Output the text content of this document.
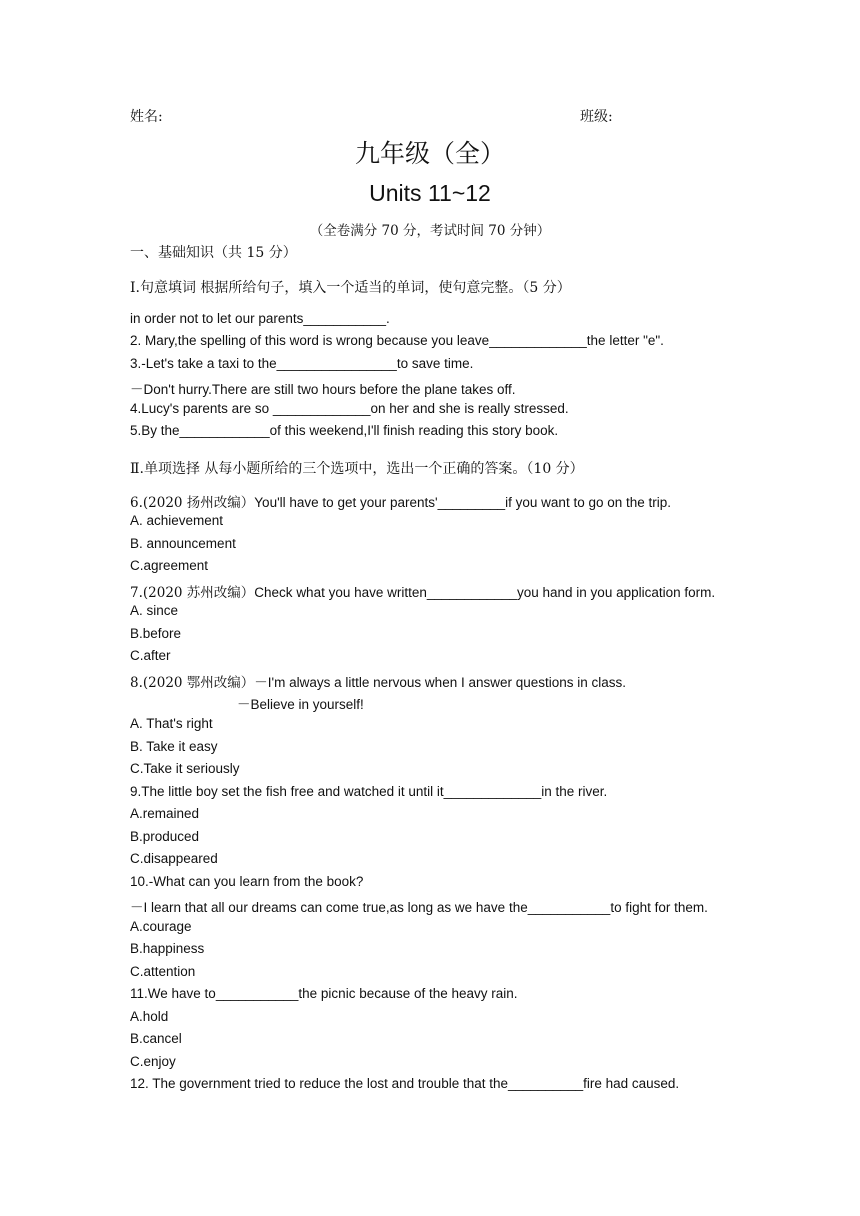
姓名:	班级:
九年级（全）
Units 11~12
（全卷满分 70 分，考试时间 70 分钟）
一、基础知识（共 15 分）
Ⅰ.句意填词 根据所给句子，填入一个适当的单词，使句意完整。（5 分）
in order not to let our parents___________.
2. Mary,the spelling of this word is wrong because you leave_____________the letter "e".
3.-Let's take a taxi to the________________to save time.
－Don't hurry.There are still two hours before the plane takes off.
4.Lucy's parents are so _____________on her and she is really stressed.
5.By the____________of this weekend,I'll finish reading this story book.
Ⅱ.单项选择 从每小题所给的三个选项中，选出一个正确的答案。（10 分）
6.(2020 扬州改编）You'll have to get your parents'_________if you want to go on the trip.
A. achievement
B. announcement
C.agreement
7.(2020 苏州改编）Check what you have written____________you hand in you application form.
A. since
B.before
C.after
8.(2020 鄂州改编）－I'm always a little nervous when I answer questions in class.
－Believe in yourself!
A. That's right
B. Take it easy
C.Take it seriously
9.The little boy set the fish free and watched it until it_____________in the river.
A.remained
B.produced
C.disappeared
10.-What can you learn from the book?
－I learn that all our dreams can come true,as long as we have the___________to fight for them.
A.courage
B.happiness
C.attention
11.We have to___________the picnic because of the heavy rain.
A.hold
B.cancel
C.enjoy
12. The government tried to reduce the lost and trouble that the__________fire had caused.
